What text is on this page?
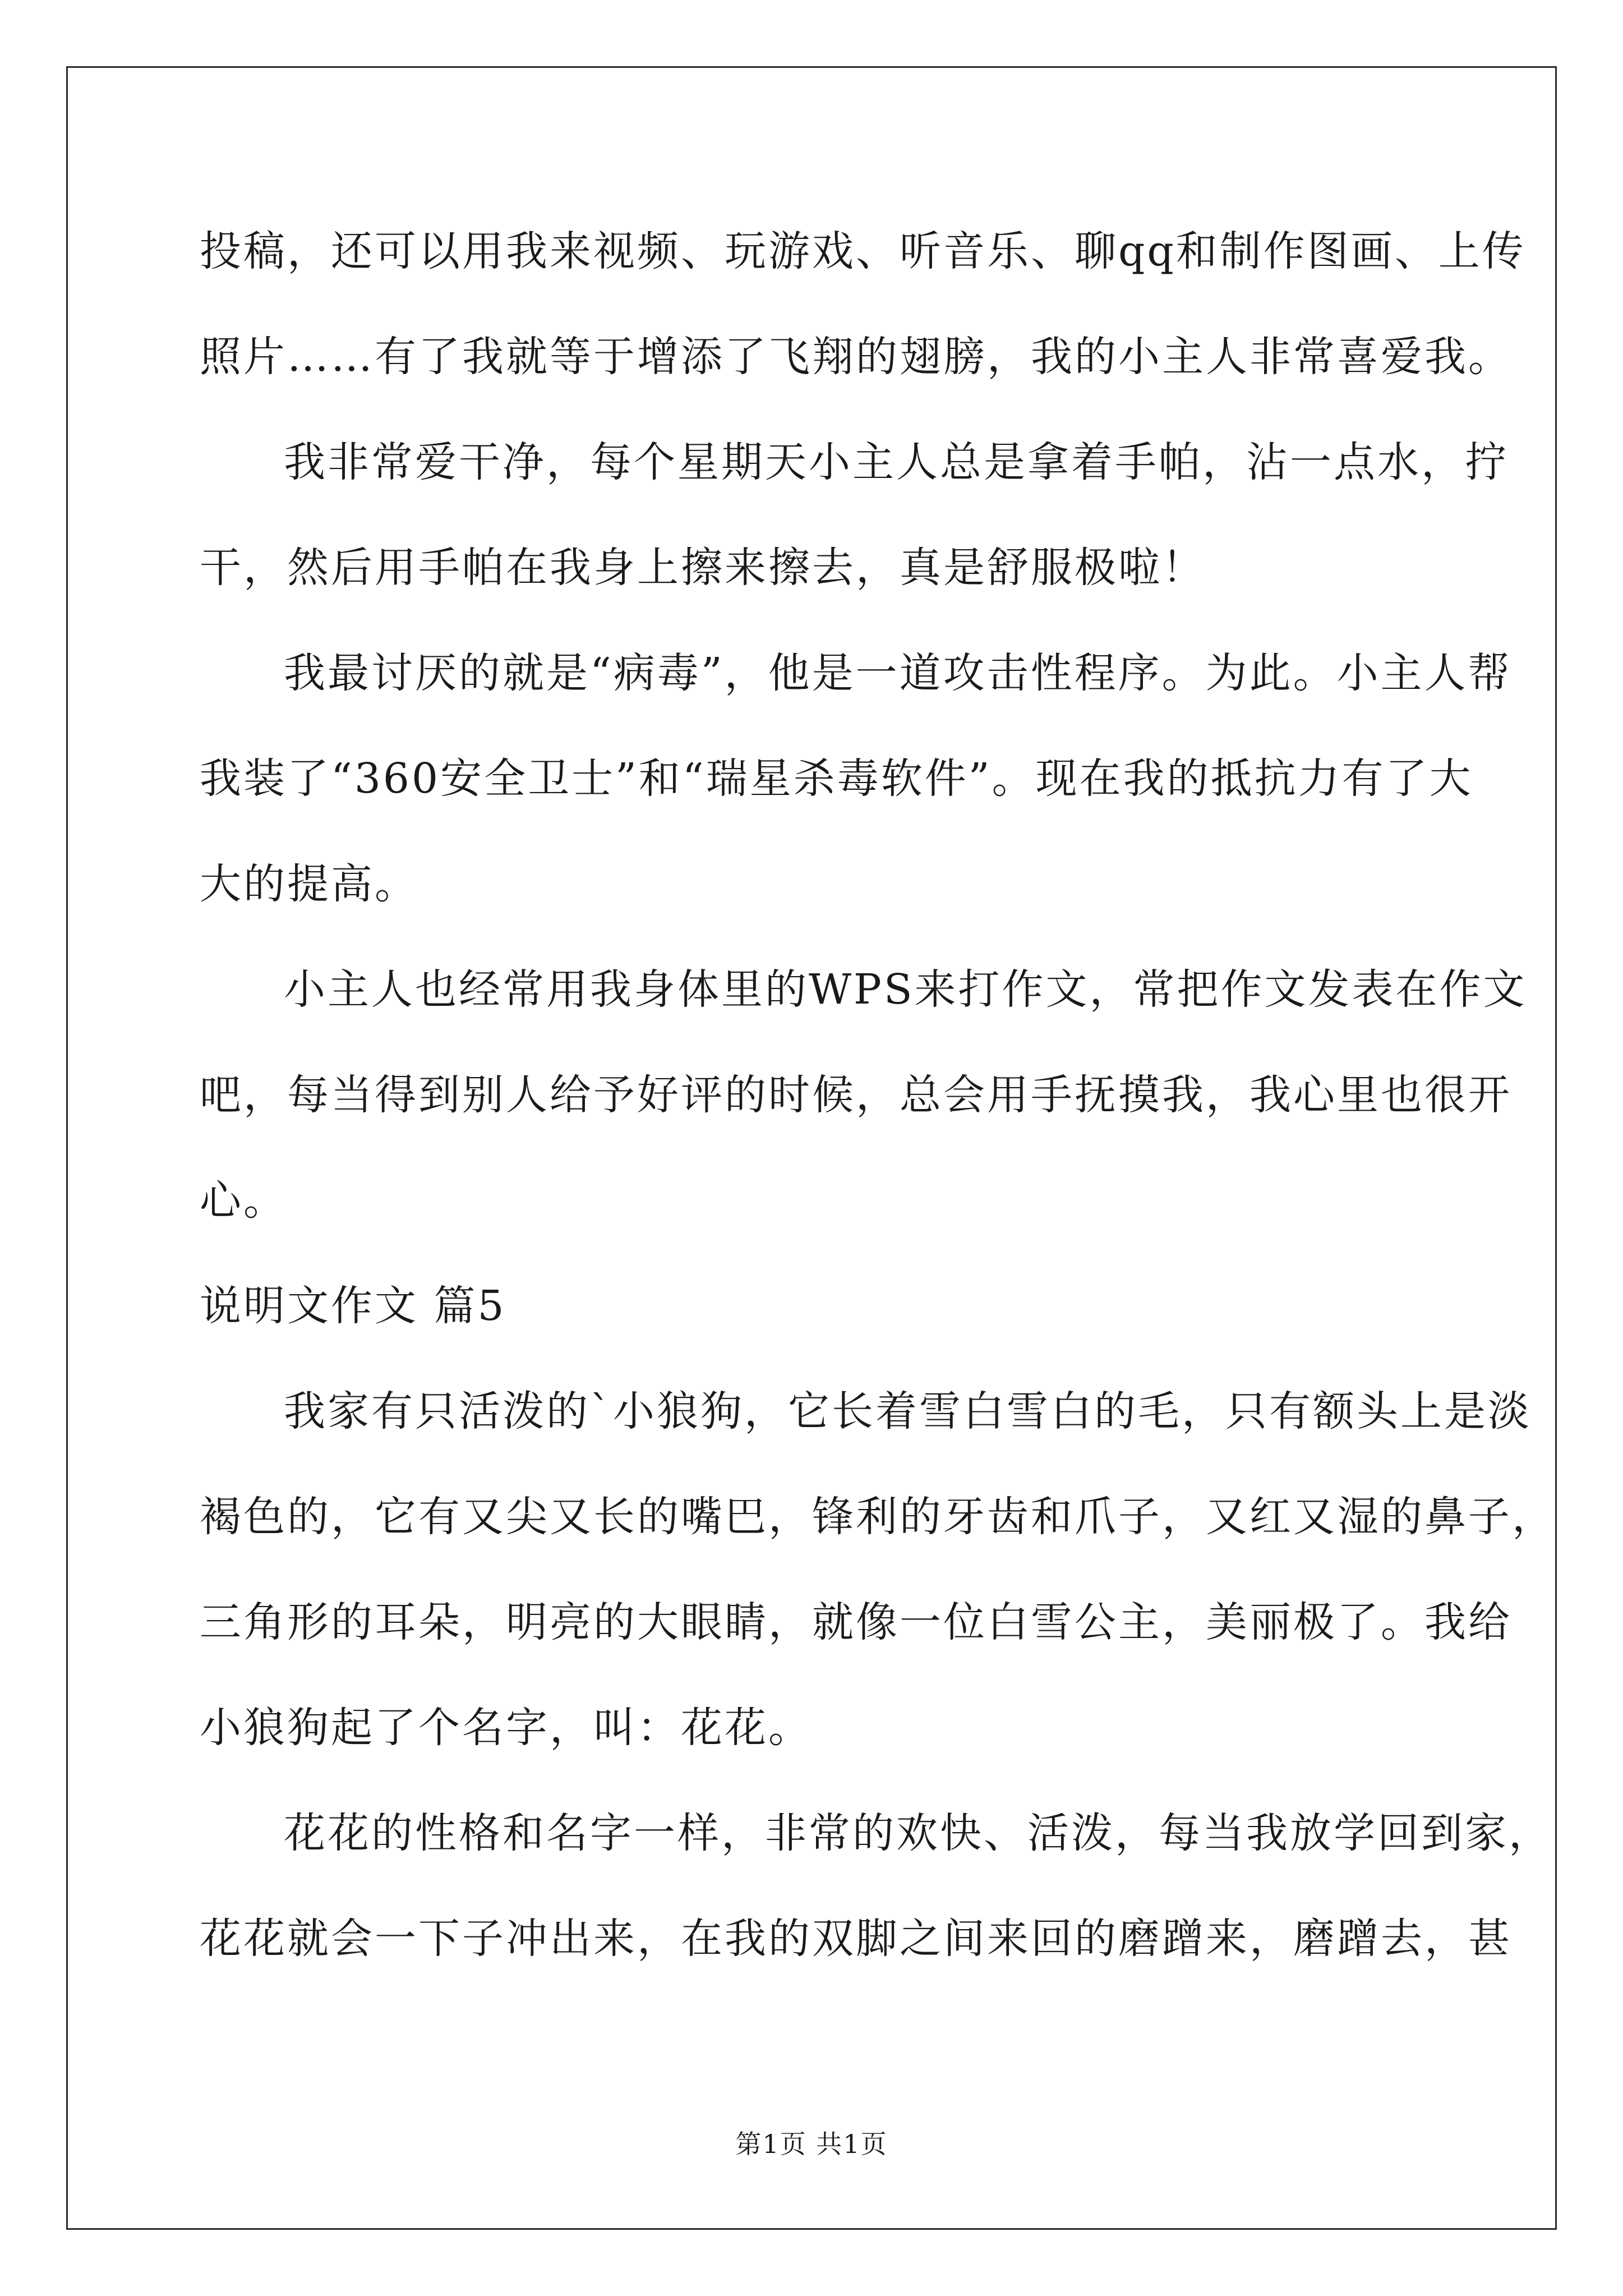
投稿，还可以用我来视频、玩游戏、听音乐、聊qq和制作图画、上传
照片……有了我就等于增添了飞翔的翅膀，我的小主人非常喜爱我。
我非常爱干净，每个星期天小主人总是拿着手帕，沾一点水，拧
干，然后用手帕在我身上擦来擦去，真是舒服极啦！
我最讨厌的就是“病毒”，他是一道攻击性程序。为此。小主人帮
我装了“360安全卫士”和“瑞星杀毒软件”。现在我的抵抗力有了大
大的提高。
小主人也经常用我身体里的WPS来打作文，常把作文发表在作文
吧，每当得到别人给予好评的时候，总会用手抚摸我，我心里也很开
心。
说明文作文 篇5
我家有只活泼的`小狼狗，它长着雪白雪白的毛，只有额头上是淡
褐色的，它有又尖又长的嘴巴，锋利的牙齿和爪子，又红又湿的鼻子，
三角形的耳朵，明亮的大眼睛，就像一位白雪公主，美丽极了。我给
小狼狗起了个名字，叫：花花。
花花的性格和名字一样，非常的欢快、活泼，每当我放学回到家，
花花就会一下子冲出来，在我的双脚之间来回的磨蹭来，磨蹭去，甚
第1页 共1页
